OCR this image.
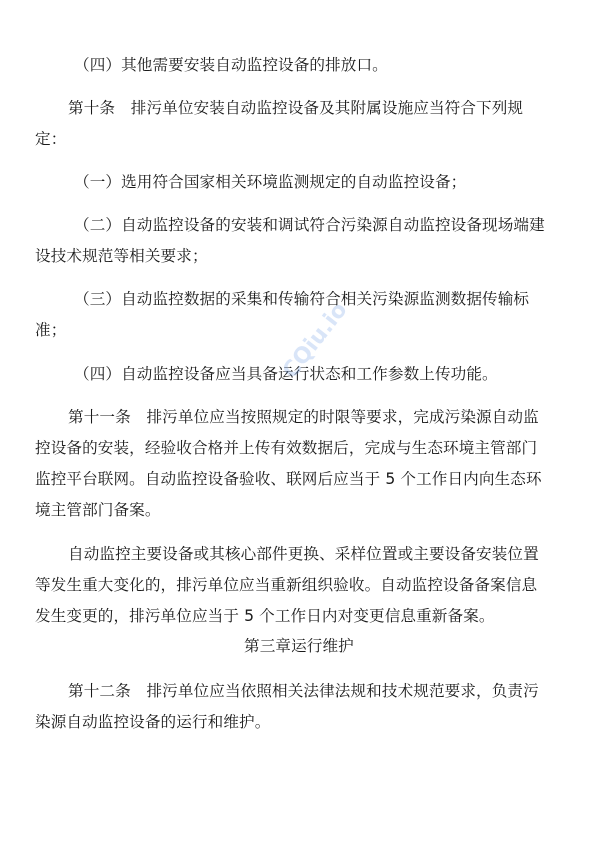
（四）其他需要安装自动监控设备的排放口。
第十条　排污单位安装自动监控设备及其附属设施应当符合下列规
定：
（一）选用符合国家相关环境监测规定的自动监控设备；
（二）自动监控设备的安装和调试符合污染源自动监控设备现场端建
设技术规范等相关要求；
（三）自动监控数据的采集和传输符合相关污染源监测数据传输标
准；
（四）自动监控设备应当具备运行状态和工作参数上传功能。
第十一条　排污单位应当按照规定的时限等要求，完成污染源自动监
控设备的安装，经验收合格并上传有效数据后，完成与生态环境主管部门
监控平台联网。自动监控设备验收、联网后应当于 5 个工作日内向生态环
境主管部门备案。
自动监控主要设备或其核心部件更换、采样位置或主要设备安装位置
等发生重大变化的，排污单位应当重新组织验收。自动监控设备备案信息
发生变更的，排污单位应当于 5 个工作日内对变更信息重新备案。
第三章运行维护
第十二条　排污单位应当依照相关法律法规和技术规范要求，负责污
染源自动监控设备的运行和维护。
CQiu.io
